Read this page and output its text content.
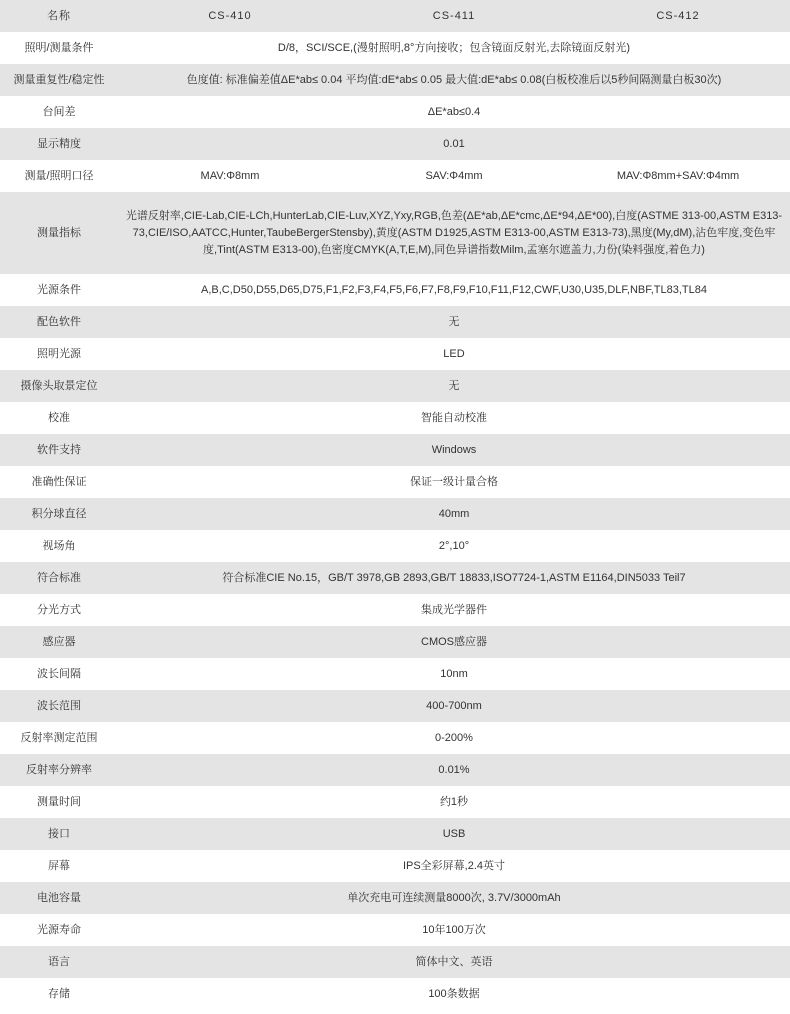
名称	CS-410	CS-411	CS-412
照明/测量条件	D/8，SCI/SCE,(漫射照明,8°方向接收；包含镜面反射光,去除镜面反射光)		
测量重复性/稳定性	色度值: 标准偏差值ΔE*ab≤ 0.04 平均值:dE*ab≤ 0.05 最大值:dE*ab≤ 0.08(白板校准后以5秒间隔测量白板30次)		
台间差	ΔE*ab≤0.4		
显示精度	0.01		
测量/照明口径	MAV:Φ8mm	SAV:Φ4mm	MAV:Φ8mm+SAV:Φ4mm
测量指标	光谱反射率,CIE-Lab,CIE-LCh,HunterLab,CIE-Luv,XYZ,Yxy,RGB,色差(ΔE*ab,ΔE*cmc,ΔE*94,ΔE*00),白度(ASTME 313-00,ASTM E313-73,CIE/ISO,AATCC,Hunter,TaubeBergerStensby),黄度(ASTM D1925,ASTM E313-00,ASTM E313-73),黑度(My,dM),沾色牢度,变色牢度,Tint(ASTM E313-00),色密度CMYK(A,T,E,M),同色异谱指数Milm,孟塞尔遮盖力,力份(染料强度,着色力)		
光源条件	A,B,C,D50,D55,D65,D75,F1,F2,F3,F4,F5,F6,F7,F8,F9,F10,F11,F12,CWF,U30,U35,DLF,NBF,TL83,TL84		
配色软件	无		
照明光源	LED		
摄像头取景定位	无		
校准	智能自动校准		
软件支持	Windows		
准确性保证	保证一级计量合格		
积分球直径	40mm		
视场角	2°,10°		
符合标准	符合标准CIE No.15，GB/T 3978,GB 2893,GB/T 18833,ISO7724-1,ASTM E1164,DIN5033 Teil7		
分光方式	集成光学器件		
感应器	CMOS感应器		
波长间隔	10nm		
波长范围	400-700nm		
反射率测定范围	0-200%		
反射率分辨率	0.01%		
测量时间	约1秒		
接口	USB		
屏幕	IPS全彩屏幕,2.4英寸		
电池容量	单次充电可连续测量8000次, 3.7V/3000mAh		
光源寿命	10年100万次		
语言	简体中文、英语		
存储	100条数据		
